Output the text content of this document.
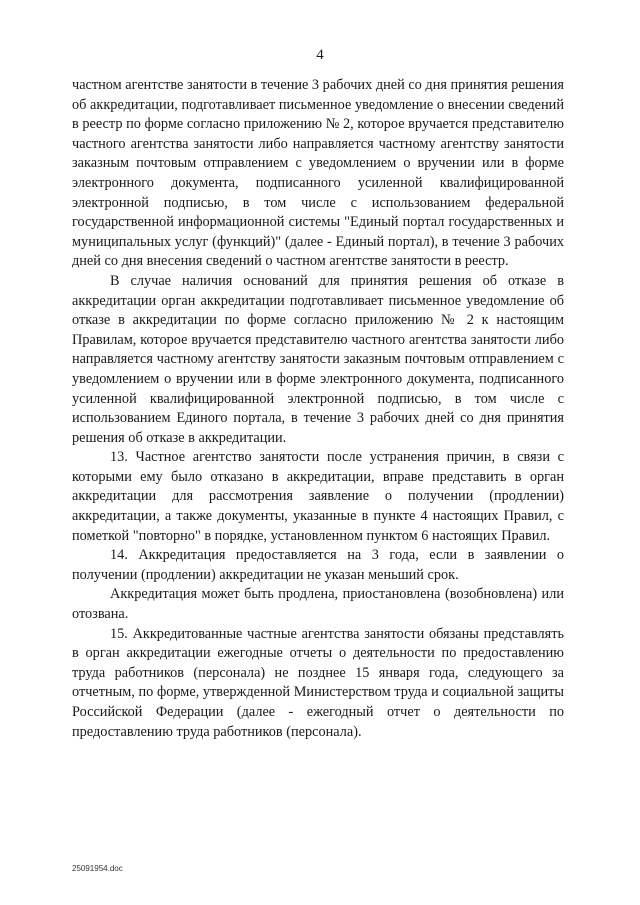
4

частном агентстве занятости в течение 3 рабочих дней со дня принятия решения об аккредитации, подготавливает письменное уведомление о внесении сведений в реестр по форме согласно приложению № 2, которое вручается представителю частного агентства занятости либо направляется частному агентству занятости заказным почтовым отправлением с уведомлением о вручении или в форме электронного документа, подписанного усиленной квалифицированной электронной подписью, в том числе с использованием федеральной государственной информационной системы "Единый портал государственных и муниципальных услуг (функций)" (далее - Единый портал), в течение 3 рабочих дней со дня внесения сведений о частном агентстве занятости в реестр.

В случае наличия оснований для принятия решения об отказе в аккредитации орган аккредитации подготавливает письменное уведомление об отказе в аккредитации по форме согласно приложению № 2 к настоящим Правилам, которое вручается представителю частного агентства занятости либо направляется частному агентству занятости заказным почтовым отправлением с уведомлением о вручении или в форме электронного документа, подписанного усиленной квалифицированной электронной подписью, в том числе с использованием Единого портала, в течение 3 рабочих дней со дня принятия решения об отказе в аккредитации.

13. Частное агентство занятости после устранения причин, в связи с которыми ему было отказано в аккредитации, вправе представить в орган аккредитации для рассмотрения заявление о получении (продлении) аккредитации, а также документы, указанные в пункте 4 настоящих Правил, с пометкой "повторно" в порядке, установленном пунктом 6 настоящих Правил.

14. Аккредитация предоставляется на 3 года, если в заявлении о получении (продлении) аккредитации не указан меньший срок.

Аккредитация может быть продлена, приостановлена (возобновлена) или отозвана.

15. Аккредитованные частные агентства занятости обязаны представлять в орган аккредитации ежегодные отчеты о деятельности по предоставлению труда работников (персонала) не позднее 15 января года, следующего за отчетным, по форме, утвержденной Министерством труда и социальной защиты Российской Федерации (далее - ежегодный отчет о деятельности по предоставлению труда работников (персонала).

25091954.doc
